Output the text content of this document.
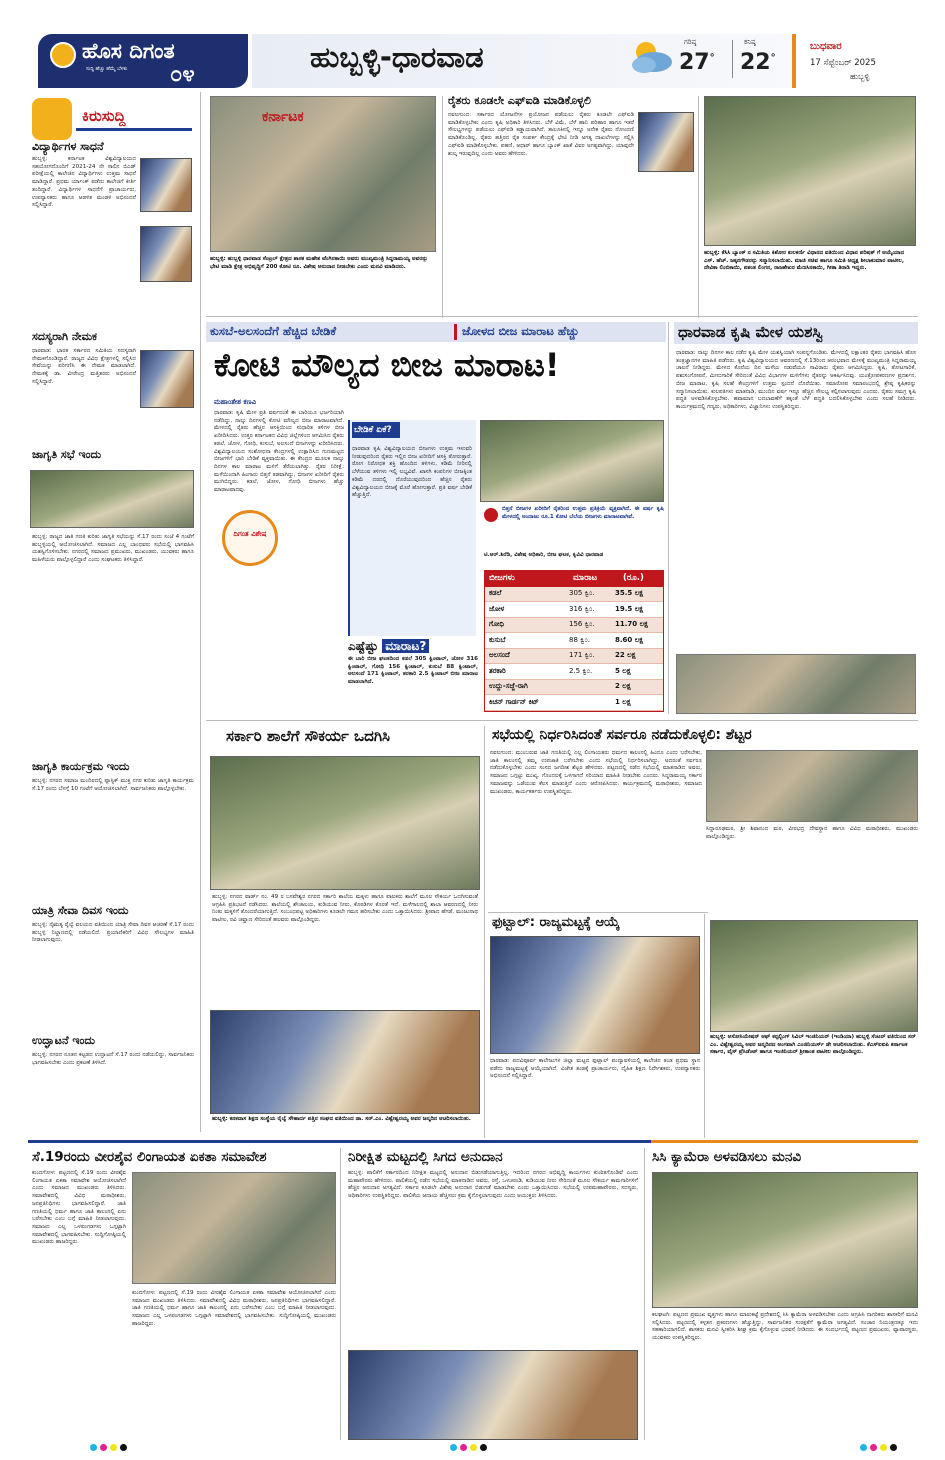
ಹೊಸ ದಿಗಂತ
ಸುದ್ದಿ ಹೆಚ್ಚು ಹೆಮ್ಮೆ ಬೆಳಕು	೦೪
ಹುಬ್ಬಳ್ಳಿ-ಧಾರವಾಡ	ಗರಿಷ್ಠ
27°
ಕನಿಷ್ಠ
22°
ಬುಧವಾರ
17 ಸೆಪ್ಟೆಂಬರ್ 2025
ಹುಬ್ಬಳ್ಳಿ
ಕಿರುಸುದ್ದಿ
ವಿದ್ಯಾರ್ಥಿಗಳ ಸಾಧನೆ
ಹುಬ್ಬಳ್ಳಿ: ಕರ್ನಾಟಕ ವಿಶ್ವವಿದ್ಯಾಲಯದ ಸಹಯೋಗದೊಂದಿಗೆ 2021-24 ನೇ ಸಾಲಿನ ಬಿಎಡ್ ಪರೀಕ್ಷೆಯಲ್ಲಿ ಕಾಲೇಜಿನ ವಿದ್ಯಾರ್ಥಿಗಳು ಉತ್ತಮ ಸಾಧನೆ ಮಾಡಿದ್ದಾರೆ. ಪ್ರಥಮ ರ್ಯಾಂಕ್ ಪಡೆದು ಕಾಲೇಜಿಗೆ ಕೀರ್ತಿ ತಂದಿದ್ದಾರೆ. ವಿದ್ಯಾರ್ಥಿಗಳ ಸಾಧನೆಗೆ ಪ್ರಾಚಾರ್ಯರು, ಉಪನ್ಯಾಸಕರು ಹಾಗೂ ಆಡಳಿತ ಮಂಡಳಿ ಅಭಿನಂದನೆ ಸಲ್ಲಿಸಿದ್ದಾರೆ.
ಸದಸ್ಯರಾಗಿ ನೇಮಕ
ಧಾರವಾಡ: ಭಾರತ ಸರ್ಕಾರದ ಸಮಿತಿಯ ಸದಸ್ಯರಾಗಿ ನೇಮಕಗೊಂಡಿದ್ದಾರೆ. ರಾಜ್ಯದ ವಿವಿಧ ಕ್ಷೇತ್ರಗಳಲ್ಲಿ ಸಲ್ಲಿಸಿದ ಸೇವೆಯನ್ನು ಪರಿಗಣಿಸಿ ಈ ನೇಮಕ ಮಾಡಲಾಗಿದೆ. ನೇಮಕಕ್ಕೆ ಡಾ. ವೀರೇಂದ್ರ ಮತ್ತಿತರರು ಅಭಿನಂದನೆ ಸಲ್ಲಿಸಿದ್ದಾರೆ.
ಜಾಗೃತಿ ಸಭೆ ಇಂದು
ಹುಬ್ಬಳ್ಳಿ: ರಾಜ್ಯದ ಜಾತಿ ಗಣತಿ ಕುರಿತು ಜಾಗೃತಿ ಸಭೆಯನ್ನು ಸೆ.17 ರಂದು ಸಂಜೆ 4 ಗಂಟೆಗೆ ಹುಬ್ಬಳ್ಳಿಯಲ್ಲಿ ಆಯೋಜಿಸಲಾಗಿದೆ. ಸಮಾಜದ ಎಲ್ಲ ಬಾಂಧವರು ಸಭೆಯಲ್ಲಿ ಭಾಗವಹಿಸಿ ಯಶಸ್ವಿಗೊಳಿಸಬೇಕು. ನಗರದಲ್ಲಿ ಸಮಾಜದ ಪ್ರಮುಖರು, ಮುಖಂಡರು, ಯುವಕರು ಹಾಗೂ ಮಹಿಳೆಯರು ಪಾಲ್ಗೊಳ್ಳಲಿದ್ದಾರೆ ಎಂದು ಸಂಘಟಕರು ತಿಳಿಸಿದ್ದಾರೆ.
ಜಾಗೃತಿ ಕಾರ್ಯಕ್ರಮ ಇಂದು
ಹುಬ್ಬಳ್ಳಿ: ನಗರದ ಸಮಾಜ ಮಂದಿರದಲ್ಲಿ ಪ್ಲಾಸ್ಟಿಕ್ ಮುಕ್ತ ನಗರ ಕುರಿತು ಜಾಗೃತಿ ಕಾರ್ಯಕ್ರಮ ಸೆ.17 ರಂದು ಬೆಳಗ್ಗೆ 10 ಗಂಟೆಗೆ ಆಯೋಜಿಸಲಾಗಿದೆ. ಸಾರ್ವಜನಿಕರು ಪಾಲ್ಗೊಳ್ಳಬೇಕು.
ಯಾತ್ರಿ ಸೇವಾ ದಿವಸ ಇಂದು
ಹುಬ್ಬಳ್ಳಿ: ನೈಋತ್ಯ ರೈಲ್ವೆ ವಲಯದ ವತಿಯಿಂದ ಯಾತ್ರಿ ಸೇವಾ ದಿವಸ ಆಚರಣೆ ಸೆ.17 ರಂದು ಹುಬ್ಬಳ್ಳಿ ನಿಲ್ದಾಣದಲ್ಲಿ ನಡೆಯಲಿದೆ. ಪ್ರಯಾಣಿಕರಿಗೆ ವಿವಿಧ ಸೌಲಭ್ಯಗಳ ಮಾಹಿತಿ ನೀಡಲಾಗುವುದು.
ಉದ್ಘಾಟನೆ ಇಂದು
ಹುಬ್ಬಳ್ಳಿ: ನಗರದ ನೂತನ ಕಟ್ಟಡದ ಉದ್ಘಾಟನೆ ಸೆ.17 ರಂದು ನಡೆಯಲಿದ್ದು, ಸಾರ್ವಜನಿಕರು ಭಾಗವಹಿಸಬೇಕು ಎಂದು ಪ್ರಕಟಣೆ ತಿಳಿಸಿದೆ.
ಕರ್ನಾಟಕ
ಹುಬ್ಬಳ್ಳಿ: ಹುಬ್ಬಳ್ಳಿ ಧಾರವಾಡ ಸೆಂಟ್ರಲ್ ಕ್ಷೇತ್ರದ ಶಾಸಕ ಮಹೇಶ ಟೆಂಗಿನಕಾಯಿ ಅವರು ಮುಖ್ಯಮಂತ್ರಿ ಸಿದ್ದರಾಮಯ್ಯ ಅವರನ್ನು ಭೇಟಿ ಮಾಡಿ ಕ್ಷೇತ್ರ ಅಭಿವೃದ್ಧಿಗೆ 200 ಕೋಟಿ ರೂ. ವಿಶೇಷ ಅನುದಾನ ನೀಡಬೇಕು ಎಂದು ಮನವಿ ಮಾಡಿದರು.
ರೈತರು ಕೂಡಲೇ ಎಫ್‌ಐಡಿ ಮಾಡಿಕೊಳ್ಳಲಿ
ನವಲಗುಂದ: ಸರ್ಕಾರದ ಯೋಜನೆಗಳ ಪ್ರಯೋಜನ ಪಡೆಯಲು ರೈತರು ಕೂಡಲೇ ಎಫ್‌ಐಡಿ ಮಾಡಿಕೊಳ್ಳಬೇಕು ಎಂದು ಕೃಷಿ ಅಧಿಕಾರಿ ತಿಳಿಸಿದರು. ಬೆಳೆ ವಿಮೆ, ಬೆಳೆ ಹಾನಿ ಪರಿಹಾರ ಹಾಗೂ ಇತರೆ ಸೌಲಭ್ಯಗಳನ್ನು ಪಡೆಯಲು ಎಫ್‌ಐಡಿ ಕಡ್ಡಾಯವಾಗಿದೆ. ತಾಲೂಕಿನಲ್ಲಿ ಇನ್ನೂ ಅನೇಕ ರೈತರು ನೋಂದಣಿ ಮಾಡಿಕೊಂಡಿಲ್ಲ. ರೈತರು ಹತ್ತಿರದ ರೈತ ಸಂಪರ್ಕ ಕೇಂದ್ರಕ್ಕೆ ಭೇಟಿ ನೀಡಿ ಅಗತ್ಯ ದಾಖಲೆಗಳನ್ನು ಸಲ್ಲಿಸಿ ಎಫ್‌ಐಡಿ ಮಾಡಿಕೊಳ್ಳಬೇಕು. ಪಹಣಿ, ಆಧಾರ್ ಹಾಗೂ ಬ್ಯಾಂಕ್ ಖಾತೆ ವಿವರ ಅಗತ್ಯವಾಗಿದ್ದು, ಯಾವುದೇ ಶುಲ್ಕ ಇರುವುದಿಲ್ಲ ಎಂದು ಅವರು ಹೇಳಿದರು.
ಹುಬ್ಬಳ್ಳಿ: ಕೆಸಿಸಿ ಬ್ಯಾಂಕ್ ನ ಸಮಿತಿಯ ಕಿಶೋರ ಕುಲಕರ್ಣಿ ವಿಧಾನದ ವತಿಯಿಂದ ವಿಧಾನ ಪರಿಷತ್ ಗೆ ಆಯ್ಕೆಯಾದ ಎಸ್. ಹೆಚ್. ಜಕ್ಕನಗೌಡರನ್ನು ಸನ್ಮಾನಿಸಲಾಯಿತು. ಮಾಜಿ ಸಚಿವ ಹಾಗೂ ಸಮಿತಿ ಅಧ್ಯಕ್ಷ ಶೀಲಾಕುಮಾರ ಪಾಟೀಲ, ದೇವಿಕಾ ಲಿಂಬಿಕಾಯಿ, ಪಶಂತ ಲಿಂಗನ, ರಾಜಶೇಖರ ಮೆಣಸಿನಕಾಯಿ, ಗೀತಾ ತಿರಾಡಿ ಇದ್ದರು.
ಕುಸಬೆ-ಅಲಸಂದೆಗೆ ಹೆಚ್ಚಿದ ಬೇಡಿಕೆ	ಜೋಳದ ಬೀಜ ಮಾರಾಟ ಹೆಚ್ಚು
ಕೋಟಿ ಮೌಲ್ಯದ ಬೀಜ ಮಾರಾಟ!
ಮಹಾಂತೇಶ ಕಣವಿ
ಧಾರವಾಡ: ಕೃಷಿ ಮೇಳ ಪ್ರತಿ ವರ್ಷದಂತೆ ಈ ಬಾರಿಯೂ ಭರ್ಜರಿಯಾಗಿ ನಡೆದಿದ್ದು, ನಾಲ್ಕು ದಿನಗಳಲ್ಲಿ ಕೋಟಿ ಮೌಲ್ಯದ ಬೀಜ ಮಾರಾಟವಾಗಿದೆ. ಮೇಳದಲ್ಲಿ ರೈತರು ಹೆಚ್ಚಿನ ಆಸಕ್ತಿಯಿಂದ ಸುಧಾರಿತ ತಳಿಗಳ ಬೀಜ ಖರೀದಿಸಿದರು. ಉತ್ತರ ಕರ್ನಾಟಕದ ವಿವಿಧ ಜಿಲ್ಲೆಗಳಿಂದ ಆಗಮಿಸಿದ ರೈತರು ಕಡಲೆ, ಜೋಳ, ಗೋಧಿ, ಕುಸುಬೆ, ಅಲಸಂದೆ ಬೀಜಗಳನ್ನು ಖರೀದಿಸಿದರು. ವಿಶ್ವವಿದ್ಯಾಲಯದ ಸಂಶೋಧನಾ ಕೇಂದ್ರಗಳಲ್ಲಿ ಉತ್ಪಾದಿಸಿದ ಗುಣಮಟ್ಟದ ಬೀಜಗಳಿಗೆ ಭಾರಿ ಬೇಡಿಕೆ ವ್ಯಕ್ತವಾಯಿತು. ಈ ಕೇಂದ್ರದ ಮೂಲಕ ನಾಲ್ಕು ದಿನಗಳ ಕಾಲ ಮಾರಾಟ ಮಳಿಗೆ ತೆರೆಯಲಾಗಿತ್ತು. ರೈತರ ನಿರೀಕ್ಷೆ: ಮಳೆಯಿಂದಾಗಿ ಹಿಂಗಾರು ಬಿತ್ತನೆ ತಡವಾಗಿದ್ದು, ಬೀಜಗಳ ಖರೀದಿಗೆ ರೈತರು ಮುಗಿಬಿದ್ದರು. ಕಡಲೆ, ಜೋಳ, ಗೋಧಿ ಬೀಜಗಳು ಹೆಚ್ಚು ಮಾರಾಟವಾದವು.
ದಿಗಂತ ವಿಶೇಷ
ಬೇಡಿಕೆ ಏಕೆ?
ಧಾರವಾಡ ಕೃಷಿ ವಿಶ್ವವಿದ್ಯಾಲಯದ ಬೀಜಗಳು ಉತ್ತಮ ಇಳುವರಿ ನೀಡುವುದರಿಂದ ರೈತರು ಇಲ್ಲಿನ ಬೀಜ ಖರೀದಿಗೆ ಆಸಕ್ತಿ ತೋರುತ್ತಾರೆ. ರೋಗ ನಿರೋಧಕ ಶಕ್ತಿ ಹೊಂದಿದ ತಳಿಗಳು, ಕಡಿಮೆ ನೀರಿನಲ್ಲಿ ಬೆಳೆಯುವ ತಳಿಗಳು ಇಲ್ಲಿ ಲಭ್ಯವಿವೆ. ಖಾಸಗಿ ಕಂಪನಿಗಳ ಬೀಜಕ್ಕಿಂತ ಕಡಿಮೆ ದರದಲ್ಲಿ ದೊರೆಯುವುದರಿಂದ ಹೆಚ್ಚಿನ ರೈತರು ವಿಶ್ವವಿದ್ಯಾಲಯದ ಬೀಜಕ್ಕೆ ಮೊರೆ ಹೋಗುತ್ತಾರೆ. ಪ್ರತಿ ವರ್ಷ ಬೇಡಿಕೆ ಹೆಚ್ಚುತ್ತಿದೆ.
ಬಿತ್ತನೆ ಬೀಜಗಳ ಖರೀದಿಗೆ ರೈತರಿಂದ ಉತ್ತಮ ಪ್ರತಿಕ್ರಿಯೆ ವ್ಯಕ್ತವಾಗಿದೆ. ಈ ವರ್ಷ ಕೃಷಿ ಮೇಳದಲ್ಲಿ ಅಂದಾಜು ರೂ.1 ಕೋಟಿ ಬೆಲೆಯ ಬೀಜಗಳು ಮಾರಾಟವಾಗಿವೆ.
ಟಿ.ಆರ್.ಶಿರೆಡಿ, ವಿಶೇಷ ಅಧಿಕಾರಿ, ಬೀಜ ಘಟಕ, ಕೃವಿವಿ ಧಾರವಾಡ
ಬೀಜಗಳು	ಮಾರಾಟ	(ರೂ.)
ಕಡಲೆ	305 ಕ್ವಿಂ.	35.5 ಲಕ್ಷ
ಜೋಳ	316 ಕ್ವಿಂ.	19.5 ಲಕ್ಷ
ಗೋಧಿ	156 ಕ್ವಿಂ.	11.70 ಲಕ್ಷ
ಕುಸುಬೆ	88 ಕ್ವಿಂ.	8.60 ಲಕ್ಷ
ಅಲಸಂದೆ	171 ಕ್ವಿಂ.	22 ಲಕ್ಷ
ತರಕಾರಿ	2.5 ಕ್ವಿಂ.	5 ಲಕ್ಷ
ಉದ್ದು-ಸಜ್ಜೆ-ರಾಗಿ	2 ಲಕ್ಷ
ಕಿಚನ್ ಗಾರ್ಡನ್ ಕಿಟ್	1 ಲಕ್ಷ
ಎಷ್ಟೆಷ್ಟು ಮಾರಾಟ?
ಈ ಬಾರಿ ಬೀಜ ಘಟಕದಿಂದ ಕಡಲೆ 305 ಕ್ವಿಂಟಾಲ್, ಜೋಳ 316 ಕ್ವಿಂಟಾಲ್, ಗೋಧಿ 156 ಕ್ವಿಂಟಾಲ್, ಕುಸುಬೆ 88 ಕ್ವಿಂಟಾಲ್, ಅಲಸಂದೆ 171 ಕ್ವಿಂಟಾಲ್, ತರಕಾರಿ 2.5 ಕ್ವಿಂಟಾಲ್ ಬೀಜ ಮಾರಾಟ ಮಾಡಲಾಗಿದೆ.
ಧಾರವಾಡ ಕೃಷಿ ಮೇಳ ಯಶಸ್ವಿ
ಧಾರವಾಡ: ನಾಲ್ಕು ದಿನಗಳ ಕಾಲ ನಡೆದ ಕೃಷಿ ಮೇಳ ಯಶಸ್ವಿಯಾಗಿ ಸಂಪನ್ನಗೊಂಡಿತು. ಮೇಳದಲ್ಲಿ ಲಕ್ಷಾಂತರ ರೈತರು ಭಾಗವಹಿಸಿ ಹೊಸ ತಂತ್ರಜ್ಞಾನಗಳ ಮಾಹಿತಿ ಪಡೆದರು. ಕೃಷಿ ವಿಶ್ವವಿದ್ಯಾಲಯದ ಆವರಣದಲ್ಲಿ ಸೆ.13ರಿಂದ ಆರಂಭವಾದ ಮೇಳಕ್ಕೆ ಮುಖ್ಯಮಂತ್ರಿ ಸಿದ್ದರಾಮಯ್ಯ ಚಾಲನೆ ನೀಡಿದ್ದರು. ಮೇಳದ ಕೊನೆಯ ದಿನ ಮಳೆಯ ನಡುವೆಯೂ ಸಾವಿರಾರು ರೈತರು ಆಗಮಿಸಿದ್ದರು. ಕೃಷಿ, ತೋಟಗಾರಿಕೆ, ಪಶುಸಂಗೋಪನೆ, ಮೀನುಗಾರಿಕೆ ಸೇರಿದಂತೆ ವಿವಿಧ ವಿಭಾಗಗಳ ಮಳಿಗೆಗಳು ರೈತರನ್ನು ಆಕರ್ಷಿಸಿದವು. ಯಂತ್ರೋಪಕರಣಗಳ ಪ್ರದರ್ಶನ, ಬೀಜ ಮಾರಾಟ, ಕೃಷಿ ಸಲಹೆ ಕೇಂದ್ರಗಳಿಗೆ ಉತ್ತಮ ಸ್ಪಂದನೆ ದೊರೆಯಿತು. ಸಮಾರೋಪ ಸಮಾರಂಭದಲ್ಲಿ ಶ್ರೇಷ್ಠ ಕೃಷಿಕರನ್ನು ಸನ್ಮಾನಿಸಲಾಯಿತು. ಕುಲಪತಿಗಳು ಮಾತನಾಡಿ, ಮುಂದಿನ ವರ್ಷ ಇನ್ನೂ ಹೆಚ್ಚಿನ ಸೌಲಭ್ಯ ಕಲ್ಪಿಸಲಾಗುವುದು ಎಂದರು. ರೈತರು ಸಮಗ್ರ ಕೃಷಿ ಪದ್ಧತಿ ಅಳವಡಿಸಿಕೊಳ್ಳಬೇಕು. ಹವಾಮಾನ ಬದಲಾವಣೆಗೆ ತಕ್ಕಂತೆ ಬೆಳೆ ಪದ್ಧತಿ ಬದಲಿಸಿಕೊಳ್ಳಬೇಕು ಎಂದು ಸಲಹೆ ನೀಡಿದರು. ಕಾರ್ಯಕ್ರಮದಲ್ಲಿ ಗಣ್ಯರು, ಅಧಿಕಾರಿಗಳು, ವಿಜ್ಞಾನಿಗಳು ಉಪಸ್ಥಿತರಿದ್ದರು.
ಸರ್ಕಾರಿ ಶಾಲೆಗೆ ಸೌಕರ್ಯ ಒದಗಿಸಿ
ಹುಬ್ಬಳ್ಳಿ: ನಗರದ ವಾರ್ಡ್ ನಂ. 49 ರ ಬಸವೇಶ್ವರ ನಗರದ ಸರ್ಕಾರಿ ಶಾಲೆಯ ಮಕ್ಕಳು ಹಾಗೂ ಪಾಲಕರು ಶಾಲೆಗೆ ಮೂಲ ಸೌಕರ್ಯ ಒದಗಿಸುವಂತೆ ಆಗ್ರಹಿಸಿ ಪ್ರತಿಭಟನೆ ನಡೆಸಿದರು. ಶಾಲೆಯಲ್ಲಿ ಶೌಚಾಲಯ, ಕುಡಿಯುವ ನೀರು, ಕೊಠಡಿಗಳ ಕೊರತೆ ಇದೆ. ಮಳೆಗಾಲದಲ್ಲಿ ಶಾಲಾ ಆವರಣದಲ್ಲಿ ನೀರು ನಿಂತು ಮಕ್ಕಳಿಗೆ ತೊಂದರೆಯಾಗುತ್ತಿದೆ. ಸಂಬಂಧಪಟ್ಟ ಅಧಿಕಾರಿಗಳು ಕೂಡಲೇ ಗಮನ ಹರಿಸಬೇಕು ಎಂದು ಒತ್ತಾಯಿಸಿದರು. ಶ್ರೀಪಾದ ಹೆಗಡೆ, ಮಂಜುನಾಥ ಪಾಟೀಲ, ರವಿ ಚವ್ಹಾಣ ಸೇರಿದಂತೆ ಹಲವರು ಪಾಲ್ಗೊಂಡಿದ್ದರು.
ಹುಬ್ಬಳ್ಳಿ: ಕನಕದಾಸ ಶಿಕ್ಷಣ ಸಂಸ್ಥೆಯ ರೈಲ್ವೆ ಸೌಹಾರ್ದ ಪತ್ತಿನ ಸಂಘದ ವತಿಯಿಂದ ಡಾ. ಸರ್.ಎಂ. ವಿಶ್ವೇಶ್ವರಯ್ಯ ಅವರ ಜನ್ಮದಿನ ಆಚರಿಸಲಾಯಿತು.
ಸಭೆಯಲ್ಲಿ ನಿರ್ಧರಿಸಿದಂತೆ ಸರ್ವರೂ ನಡೆದುಕೊಳ್ಳಲಿ: ಶೆಟ್ಟರ
ನವಲಗುಂದ: ಮುಂಬರುವ ಜಾತಿ ಗಣತಿಯಲ್ಲಿ ಎಲ್ಲ ಲಿಂಗಾಯತರು ಧರ್ಮದ ಕಾಲಂನಲ್ಲಿ ಹಿಂದೂ ಎಂದು ಬರೆಸಬೇಕು, ಜಾತಿ ಕಾಲಂನಲ್ಲಿ ತಮ್ಮ ಉಪಜಾತಿ ಬರೆಸಬೇಕು ಎಂದು ಸಭೆಯಲ್ಲಿ ನಿರ್ಧರಿಸಲಾಗಿದ್ದು, ಅದರಂತೆ ಸರ್ವರೂ ನಡೆದುಕೊಳ್ಳಬೇಕು ಎಂದು ಸಂಸದ ಜಗದೀಶ ಶೆಟ್ಟರ ಹೇಳಿದರು. ಪಟ್ಟಣದಲ್ಲಿ ನಡೆದ ಸಭೆಯಲ್ಲಿ ಮಾತನಾಡಿದ ಅವರು, ಸಮಾಜದ ಒಗ್ಗಟ್ಟು ಮುಖ್ಯ. ಗೊಂದಲಕ್ಕೆ ಒಳಗಾಗದೆ ಸರಿಯಾದ ಮಾಹಿತಿ ನೀಡಬೇಕು ಎಂದರು. ಸಿದ್ದರಾಮಯ್ಯ ಸರ್ಕಾರ ಸಮಾಜವನ್ನು ಒಡೆಯುವ ಕೆಲಸ ಮಾಡುತ್ತಿದೆ ಎಂದು ಆರೋಪಿಸಿದರು. ಕಾರ್ಯಕ್ರಮದಲ್ಲಿ ಮಠಾಧೀಶರು, ಸಮಾಜದ ಮುಖಂಡರು, ಕಾರ್ಯಕರ್ತರು ಉಪಸ್ಥಿತರಿದ್ದರು.
ಸಿದ್ದಾರೂಢಮಠ, ಶ್ರೀ ಶಿವಾನಂದ ಮಠ, ವೀರಭದ್ರ ದೇವಸ್ಥಾನ ಹಾಗೂ ವಿವಿಧ ಮಠಾಧೀಶರು, ಮುಖಂಡರು ಪಾಲ್ಗೊಂಡಿದ್ದರು.
ಫುಟ್ಬಾಲ್: ರಾಜ್ಯಮಟ್ಟಕ್ಕೆ ಆಯ್ಕೆ
ಧಾರವಾಡ: ಪದವಿಪೂರ್ವ ಕಾಲೇಜುಗಳ ಜಿಲ್ಲಾ ಮಟ್ಟದ ಫುಟ್ಬಾಲ್ ಪಂದ್ಯಾವಳಿಯಲ್ಲಿ ಕಾಲೇಜಿನ ತಂಡ ಪ್ರಥಮ ಸ್ಥಾನ ಪಡೆದು ರಾಜ್ಯಮಟ್ಟಕ್ಕೆ ಆಯ್ಕೆಯಾಗಿದೆ. ವಿಜೇತ ತಂಡಕ್ಕೆ ಪ್ರಾಚಾರ್ಯರು, ದೈಹಿಕ ಶಿಕ್ಷಣ ನಿರ್ದೇಶಕರು, ಉಪನ್ಯಾಸಕರು ಅಭಿನಂದನೆ ಸಲ್ಲಿಸಿದ್ದಾರೆ.
ಹುಬ್ಬಳ್ಳಿ: ಅಸೋಸಿಯೇಷನ್ ಆಫ್ ಕನ್ಸಲ್ಟಿಂಗ್ ಸಿವಿಲ್ ಇಂಜಿನಿಯರ್ (ಇಂಡಿಯಾ) ಹುಬ್ಬಳ್ಳಿ ಸೆಂಟರ್ ವತಿಯಿಂದ ಸರ್ ಎಂ. ವಿಶ್ವೇಶ್ವರಯ್ಯ ಅವರ ಜನ್ಮದಿನದ ಅಂಗವಾಗಿ ಎಂಜಿನಿಯರ್ಸ್ ಡೇ ಆಚರಿಸಲಾಯಿತು. ಕೆಎಸ್‌ಐಐಪಿ ಕರ್ನಾಟಕ ಸರ್ಕಾರ, ವೈಸ್ ಪ್ರೆಸಿಡೆಂಟ್ ಹಾಗೂ ಇಂಜಿನಿಯರ್ ಶ್ರೀಕಾಂತ ಪಾಟೀಲ ಪಾಲ್ಗೊಂಡಿದ್ದರು.
ಸೆ.19ರಂದು ವೀರಶೈವ ಲಿಂಗಾಯತ ಏಕತಾ ಸಮಾವೇಶ
ಕುಂದಗೋಳ: ಪಟ್ಟಣದಲ್ಲಿ ಸೆ.19 ರಂದು ವೀರಶೈವ ಲಿಂಗಾಯತ ಏಕತಾ ಸಮಾವೇಶ ಆಯೋಜಿಸಲಾಗಿದೆ ಎಂದು ಸಮಾಜದ ಮುಖಂಡರು ತಿಳಿಸಿದರು. ಸಮಾವೇಶದಲ್ಲಿ ವಿವಿಧ ಮಠಾಧೀಶರು, ಜನಪ್ರತಿನಿಧಿಗಳು ಭಾಗವಹಿಸಲಿದ್ದಾರೆ. ಜಾತಿ ಗಣತಿಯಲ್ಲಿ ಧರ್ಮ ಹಾಗೂ ಜಾತಿ ಕಾಲಂನಲ್ಲಿ ಏನು ಬರೆಸಬೇಕು ಎಂಬ ಬಗ್ಗೆ ಮಾಹಿತಿ ನೀಡಲಾಗುವುದು. ಸಮಾಜದ ಎಲ್ಲ ಒಳಪಂಗಡಗಳು ಒಗ್ಗಟ್ಟಾಗಿ ಸಮಾವೇಶದಲ್ಲಿ ಭಾಗವಹಿಸಬೇಕು. ಸುದ್ದಿಗೋಷ್ಠಿಯಲ್ಲಿ ಮುಖಂಡರು ಹಾಜರಿದ್ದರು.
ಕುಂದಗೋಳ: ಪಟ್ಟಣದಲ್ಲಿ ಸೆ.19 ರಂದು ವೀರಶೈವ ಲಿಂಗಾಯತ ಏಕತಾ ಸಮಾವೇಶ ಆಯೋಜಿಸಲಾಗಿದೆ ಎಂದು ಸಮಾಜದ ಮುಖಂಡರು ತಿಳಿಸಿದರು. ಸಮಾವೇಶದಲ್ಲಿ ವಿವಿಧ ಮಠಾಧೀಶರು, ಜನಪ್ರತಿನಿಧಿಗಳು ಭಾಗವಹಿಸಲಿದ್ದಾರೆ. ಜಾತಿ ಗಣತಿಯಲ್ಲಿ ಧರ್ಮ ಹಾಗೂ ಜಾತಿ ಕಾಲಂನಲ್ಲಿ ಏನು ಬರೆಸಬೇಕು ಎಂಬ ಬಗ್ಗೆ ಮಾಹಿತಿ ನೀಡಲಾಗುವುದು. ಸಮಾಜದ ಎಲ್ಲ ಒಳಪಂಗಡಗಳು ಒಗ್ಗಟ್ಟಾಗಿ ಸಮಾವೇಶದಲ್ಲಿ ಭಾಗವಹಿಸಬೇಕು. ಸುದ್ದಿಗೋಷ್ಠಿಯಲ್ಲಿ ಮುಖಂಡರು ಹಾಜರಿದ್ದರು.
ನಿರೀಕ್ಷಿತ ಮಟ್ಟದಲ್ಲಿ ಸಿಗದ ಅನುದಾನ
ಹುಬ್ಬಳ್ಳಿ: ಪಾಲಿಕೆಗೆ ಸರ್ಕಾರದಿಂದ ನಿರೀಕ್ಷಿತ ಮಟ್ಟದಲ್ಲಿ ಅನುದಾನ ಬಿಡುಗಡೆಯಾಗುತ್ತಿಲ್ಲ. ಇದರಿಂದ ನಗರದ ಅಭಿವೃದ್ಧಿ ಕಾರ್ಯಗಳು ಕುಂಠಿತಗೊಂಡಿವೆ ಎಂದು ಮಹಾಪೌರರು ಹೇಳಿದರು. ಪಾಲಿಕೆಯಲ್ಲಿ ನಡೆದ ಸಭೆಯಲ್ಲಿ ಮಾತನಾಡಿದ ಅವರು, ರಸ್ತೆ, ಒಳಚರಂಡಿ, ಕುಡಿಯುವ ನೀರು ಸೇರಿದಂತೆ ಮೂಲ ಸೌಕರ್ಯ ಕಾಮಗಾರಿಗಳಿಗೆ ಹೆಚ್ಚಿನ ಅನುದಾನ ಅಗತ್ಯವಿದೆ. ಸರ್ಕಾರ ಕೂಡಲೇ ವಿಶೇಷ ಅನುದಾನ ಬಿಡುಗಡೆ ಮಾಡಬೇಕು ಎಂದು ಒತ್ತಾಯಿಸಿದರು. ಸಭೆಯಲ್ಲಿ ಉಪಮಹಾಪೌರರು, ಸದಸ್ಯರು, ಅಧಿಕಾರಿಗಳು ಉಪಸ್ಥಿತರಿದ್ದರು. ಪಾಲಿಕೆಯ ಆದಾಯ ಹೆಚ್ಚಿಸಲು ಕ್ರಮ ಕೈಗೊಳ್ಳಲಾಗುವುದು ಎಂದು ಆಯುಕ್ತರು ತಿಳಿಸಿದರು.
ಸಿಸಿ ಕ್ಯಾಮೆರಾ ಅಳವಡಿಸಲು ಮನವಿ
ಕಲಘಟಗಿ: ಪಟ್ಟಣದ ಪ್ರಮುಖ ವೃತ್ತಗಳು ಹಾಗೂ ಮಾರುಕಟ್ಟೆ ಪ್ರದೇಶದಲ್ಲಿ ಸಿಸಿ ಕ್ಯಾಮೆರಾ ಅಳವಡಿಸಬೇಕು ಎಂದು ಆಗ್ರಹಿಸಿ ನಾಗರಿಕರು ಶಾಸಕರಿಗೆ ಮನವಿ ಸಲ್ಲಿಸಿದರು. ಪಟ್ಟಣದಲ್ಲಿ ಕಳ್ಳತನ ಪ್ರಕರಣಗಳು ಹೆಚ್ಚುತ್ತಿದ್ದು, ಸಾರ್ವಜನಿಕರ ಸುರಕ್ಷತೆಗೆ ಕ್ಯಾಮೆರಾ ಅಗತ್ಯವಿದೆ. ಸಂಚಾರ ನಿಯಂತ್ರಣಕ್ಕೂ ಇದು ಸಹಕಾರಿಯಾಗಲಿದೆ. ಶಾಸಕರು ಮನವಿ ಸ್ವೀಕರಿಸಿ ಶೀಘ್ರ ಕ್ರಮ ಕೈಗೊಳ್ಳುವ ಭರವಸೆ ನೀಡಿದರು. ಈ ಸಂದರ್ಭದಲ್ಲಿ ಪಟ್ಟಣದ ಪ್ರಮುಖರು, ವ್ಯಾಪಾರಸ್ಥರು, ಯುವಕರು ಉಪಸ್ಥಿತರಿದ್ದರು.
